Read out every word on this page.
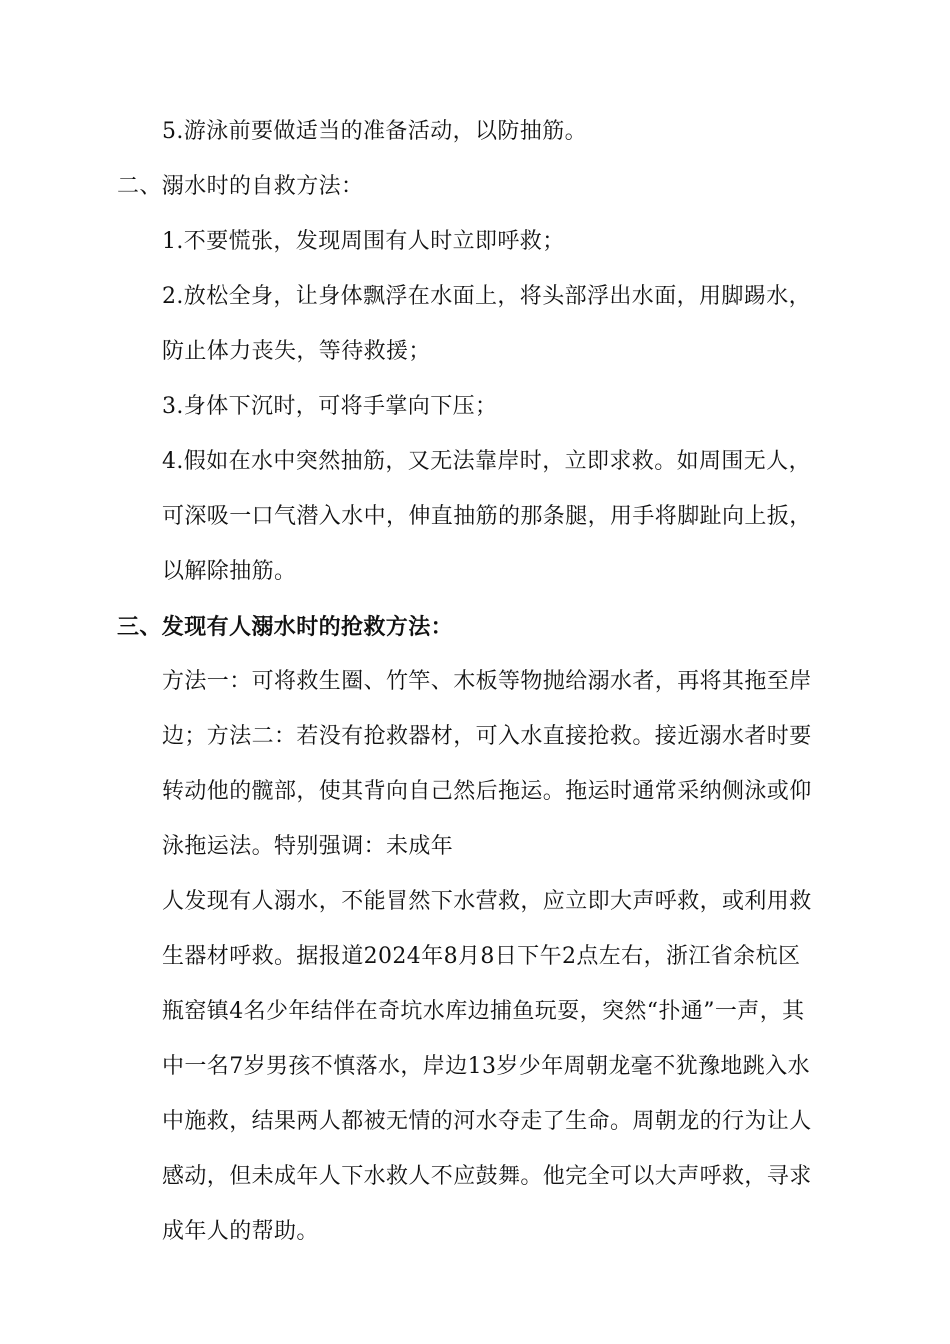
5.游泳前要做适当的准备活动，以防抽筋。
二、溺水时的自救方法：
1.不要慌张，发现周围有人时立即呼救；
2.放松全身，让身体飘浮在水面上，将头部浮出水面，用脚踢水，
防止体力丧失，等待救援；
3.身体下沉时，可将手掌向下压；
4.假如在水中突然抽筋，又无法靠岸时，立即求救。如周围无人，
可深吸一口气潜入水中，伸直抽筋的那条腿，用手将脚趾向上扳，
以解除抽筋。
三、发现有人溺水时的抢救方法：
方法一：可将救生圈、竹竿、木板等物抛给溺水者，再将其拖至岸
边；方法二：若没有抢救器材，可入水直接抢救。接近溺水者时要
转动他的髋部，使其背向自己然后拖运。拖运时通常采纳侧泳或仰
泳拖运法。特别强调：未成年
人发现有人溺水，不能冒然下水营救，应立即大声呼救，或利用救
生器材呼救。据报道2024年8月8日下午2点左右，浙江省余杭区
瓶窑镇4名少年结伴在奇坑水库边捕鱼玩耍，突然“扑通”一声，其
中一名7岁男孩不慎落水，岸边13岁少年周朝龙毫不犹豫地跳入水
中施救，结果两人都被无情的河水夺走了生命。周朝龙的行为让人
感动，但未成年人下水救人不应鼓舞。他完全可以大声呼救，寻求
成年人的帮助。
